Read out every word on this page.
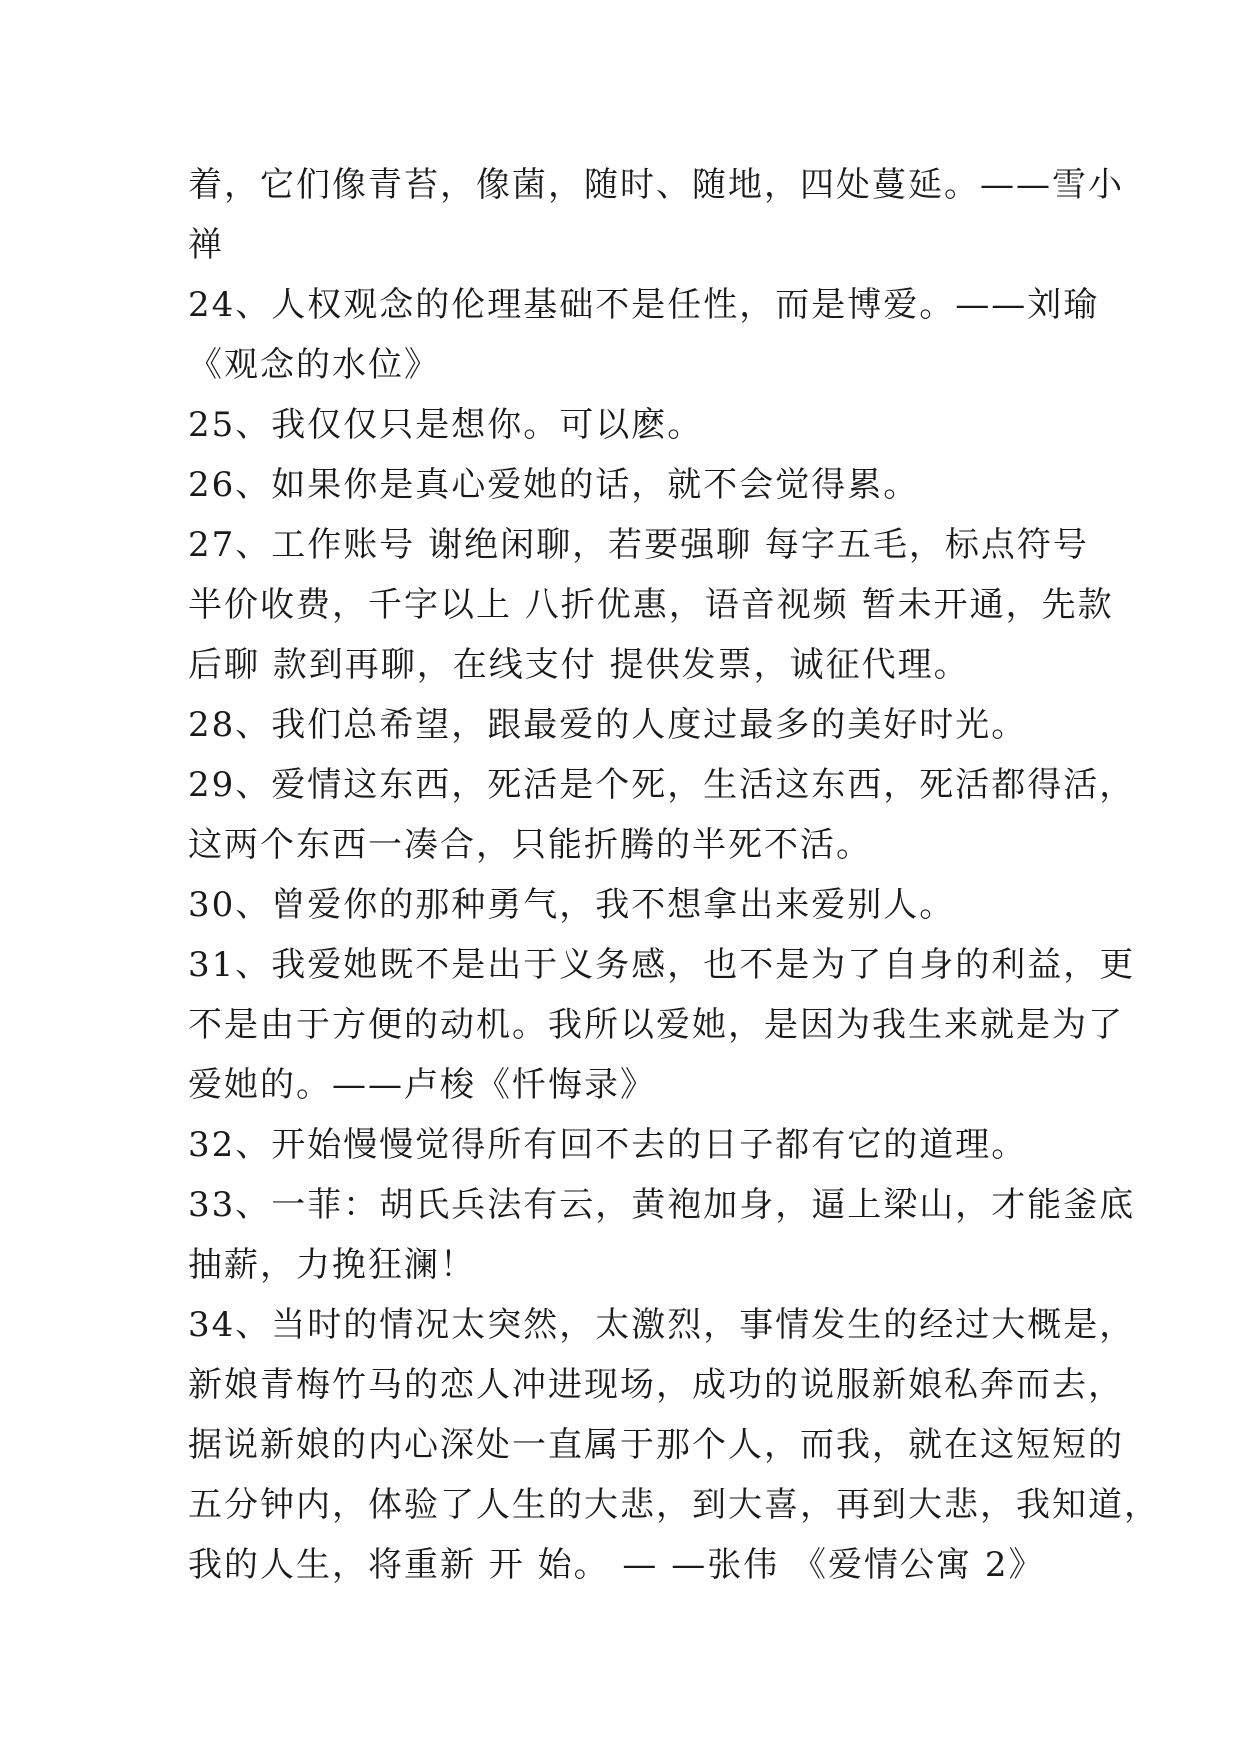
着，它们像青苔，像菌，随时、随地，四处蔓延。——雪小
禅
24、人权观念的伦理基础不是任性，而是博爱。——刘瑜
《观念的水位》
25、我仅仅只是想你。可以麽。
26、如果你是真心爱她的话，就不会觉得累。
27、工作账号 谢绝闲聊，若要强聊 每字五毛，标点符号
半价收费，千字以上 八折优惠，语音视频 暂未开通，先款
后聊 款到再聊，在线支付 提供发票，诚征代理。
28、我们总希望，跟最爱的人度过最多的美好时光。
29、爱情这东西，死活是个死，生活这东西，死活都得活，
这两个东西一凑合，只能折腾的半死不活。
30、曾爱你的那种勇气，我不想拿出来爱别人。
31、我爱她既不是出于义务感，也不是为了自身的利益，更
不是由于方便的动机。我所以爱她，是因为我生来就是为了
爱她的。——卢梭《忏悔录》
32、开始慢慢觉得所有回不去的日子都有它的道理。
33、一菲：胡氏兵法有云，黄袍加身，逼上梁山，才能釜底
抽薪，力挽狂澜！
34、当时的情况太突然，太激烈，事情发生的经过大概是，
新娘青梅竹马的恋人冲进现场，成功的说服新娘私奔而去，
据说新娘的内心深处一直属于那个人，而我，就在这短短的
五分钟内，体验了人生的大悲，到大喜，再到大悲，我知道，
我的人生，将重新 开 始。 — —张伟 《爱情公寓 2》
